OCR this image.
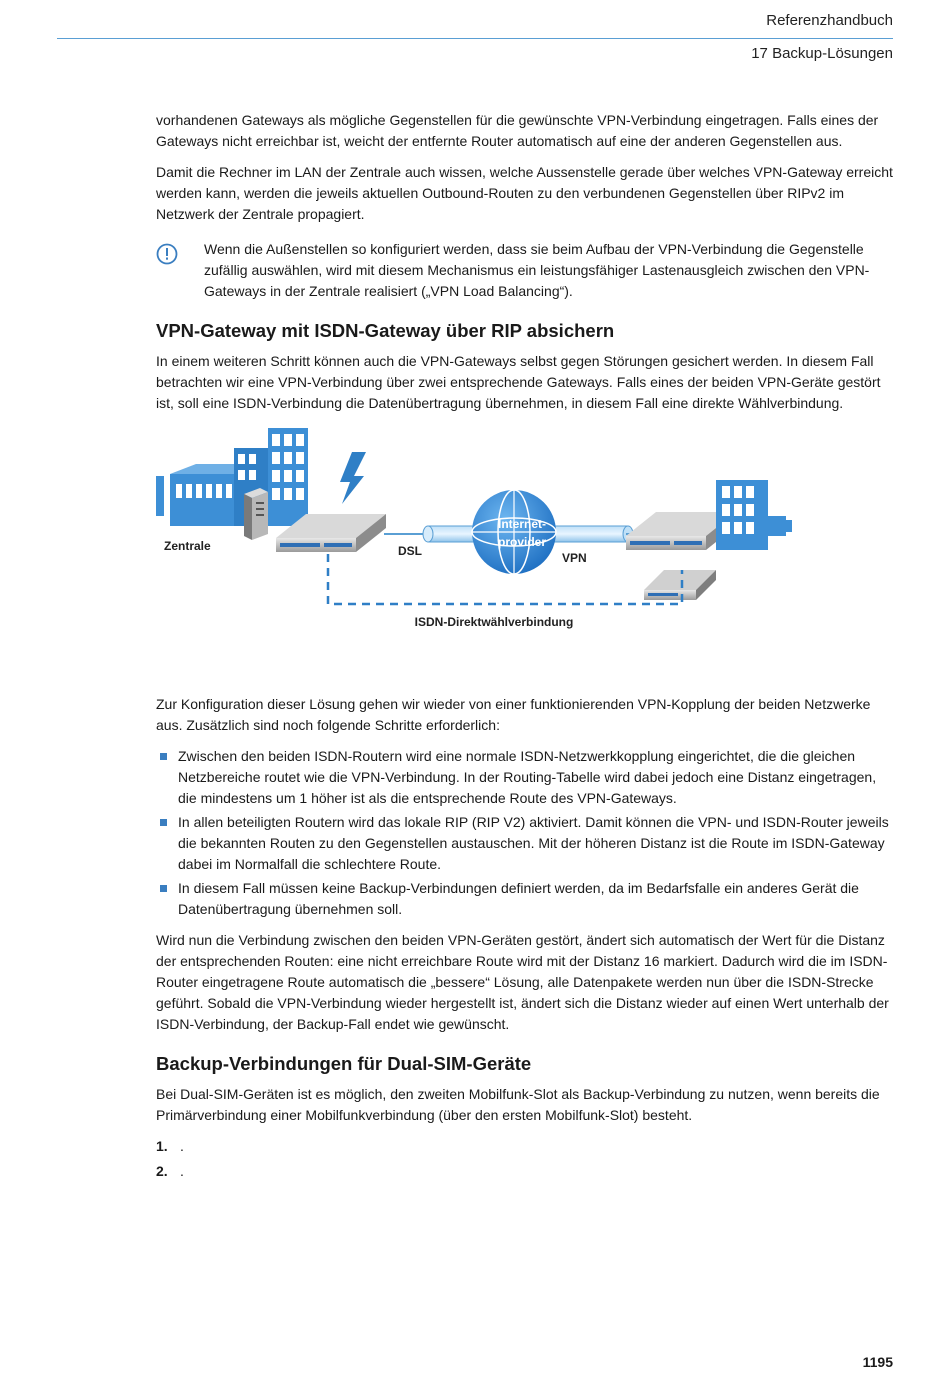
Referenzhandbuch
17 Backup-Lösungen

vorhandenen Gateways als mögliche Gegenstellen für die gewünschte VPN-Verbindung eingetragen. Falls eines der Gateways nicht erreichbar ist, weicht der entfernte Router automatisch auf eine der anderen Gegenstellen aus.

Damit die Rechner im LAN der Zentrale auch wissen, welche Aussenstelle gerade über welches VPN-Gateway erreicht werden kann, werden die jeweils aktuellen Outbound-Routen zu den verbundenen Gegenstellen über RIPv2 im Netzwerk der Zentrale propagiert.

Wenn die Außenstellen so konfiguriert werden, dass sie beim Aufbau der VPN-Verbindung die Gegenstelle zufällig auswählen, wird mit diesem Mechanismus ein leistungsfähiger Lastenausgleich zwischen den VPN-Gateways in der Zentrale realisiert („VPN Load Balancing“).

VPN-Gateway mit ISDN-Gateway über RIP absichern

In einem weiteren Schritt können auch die VPN-Gateways selbst gegen Störungen gesichert werden. In diesem Fall betrachten wir eine VPN-Verbindung über zwei entsprechende Gateways. Falls eines der beiden VPN-Geräte gestört ist, soll eine ISDN-Verbindung die Datenübertragung übernehmen, in diesem Fall eine direkte Wählverbindung.

Zentrale	DSL
Internet-
provider
VPN
ISDN-Direktwählverbindung

Zur Konfiguration dieser Lösung gehen wir wieder von einer funktionierenden VPN-Kopplung der beiden Netzwerke aus. Zusätzlich sind noch folgende Schritte erforderlich:

Zwischen den beiden ISDN-Routern wird eine normale ISDN-Netzwerkkopplung eingerichtet, die die gleichen Netzbereiche routet wie die VPN-Verbindung. In der Routing-Tabelle wird dabei jedoch eine Distanz eingetragen, die mindestens um 1 höher ist als die entsprechende Route des VPN-Gateways.
In allen beteiligten Routern wird das lokale RIP (RIP V2) aktiviert. Damit können die VPN- und ISDN-Router jeweils die bekannten Routen zu den Gegenstellen austauschen. Mit der höheren Distanz ist die Route im ISDN-Gateway dabei im Normalfall die schlechtere Route.
In diesem Fall müssen keine Backup-Verbindungen definiert werden, da im Bedarfsfalle ein anderes Gerät die Datenübertragung übernehmen soll.

Wird nun die Verbindung zwischen den beiden VPN-Geräten gestört, ändert sich automatisch der Wert für die Distanz der entsprechenden Routen: eine nicht erreichbare Route wird mit der Distanz 16 markiert. Dadurch wird die im ISDN-Router eingetragene Route automatisch die „bessere“ Lösung, alle Datenpakete werden nun über die ISDN-Strecke geführt. Sobald die VPN-Verbindung wieder hergestellt ist, ändert sich die Distanz wieder auf einen Wert unterhalb der ISDN-Verbindung, der Backup-Fall endet wie gewünscht.

Backup-Verbindungen für Dual-SIM-Geräte

Bei Dual-SIM-Geräten ist es möglich, den zweiten Mobilfunk-Slot als Backup-Verbindung zu nutzen, wenn bereits die Primärverbindung einer Mobilfunkverbindung (über den ersten Mobilfunk-Slot) besteht.

1. .
2. .
1195
